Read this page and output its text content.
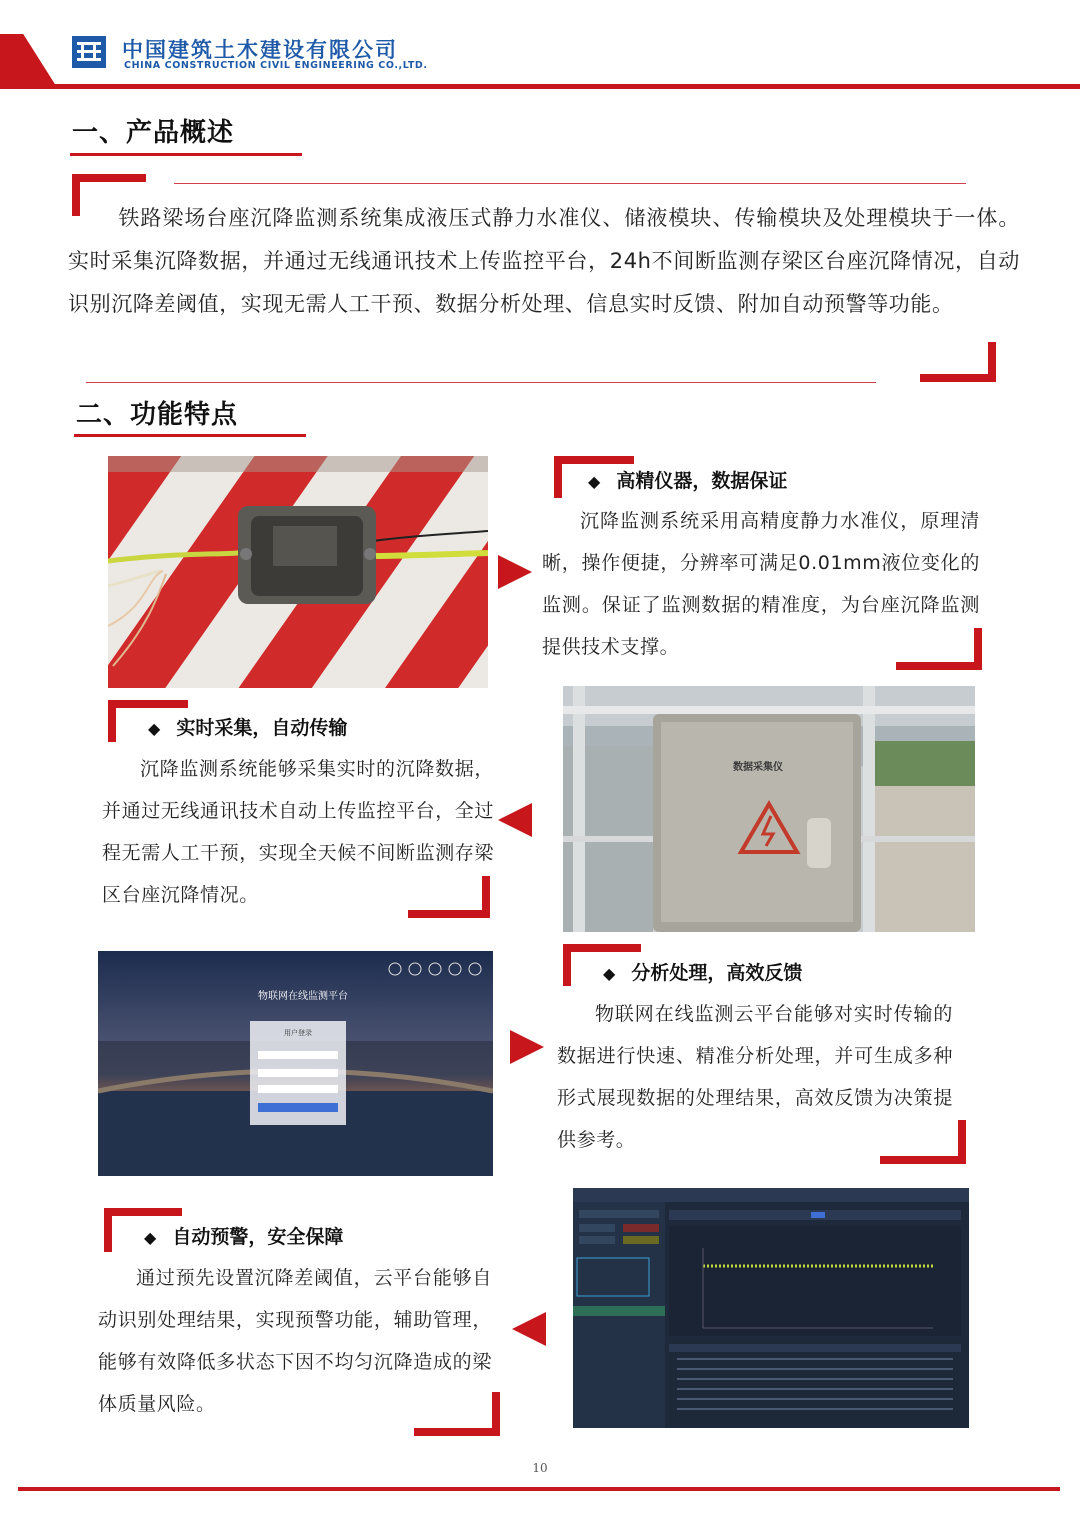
中国建筑土木建设有限公司
CHINA CONSTRUCTION CIVIL ENGINEERING CO.,LTD.
一、产品概述
铁路梁场台座沉降监测系统集成液压式静力水准仪、储液模块、传输模块及处理模块于一体。实时采集沉降数据，并通过无线通讯技术上传监控平台，24h不间断监测存梁区台座沉降情况，自动识别沉降差阈值，实现无需人工干预、数据分析处理、信息实时反馈、附加自动预警等功能。
二、功能特点
◆ 高精仪器，数据保证
沉降监测系统采用高精度静力水准仪，原理清晰，操作便捷，分辨率可满足0.01mm液位变化的监测。保证了监测数据的精准度，为台座沉降监测提供技术支撑。
◆ 实时采集，自动传输
沉降监测系统能够采集实时的沉降数据，并通过无线通讯技术自动上传监控平台，全过程无需人工干预，实现全天候不间断监测存梁区台座沉降情况。
数据采集仪
物联网在线监测平台
用户登录
◆ 分析处理，高效反馈
物联网在线监测云平台能够对实时传输的数据进行快速、精准分析处理，并可生成多种形式展现数据的处理结果，高效反馈为决策提供参考。
◆ 自动预警，安全保障
通过预先设置沉降差阈值，云平台能够自动识别处理结果，实现预警功能，辅助管理，能够有效降低多状态下因不均匀沉降造成的梁体质量风险。
10
